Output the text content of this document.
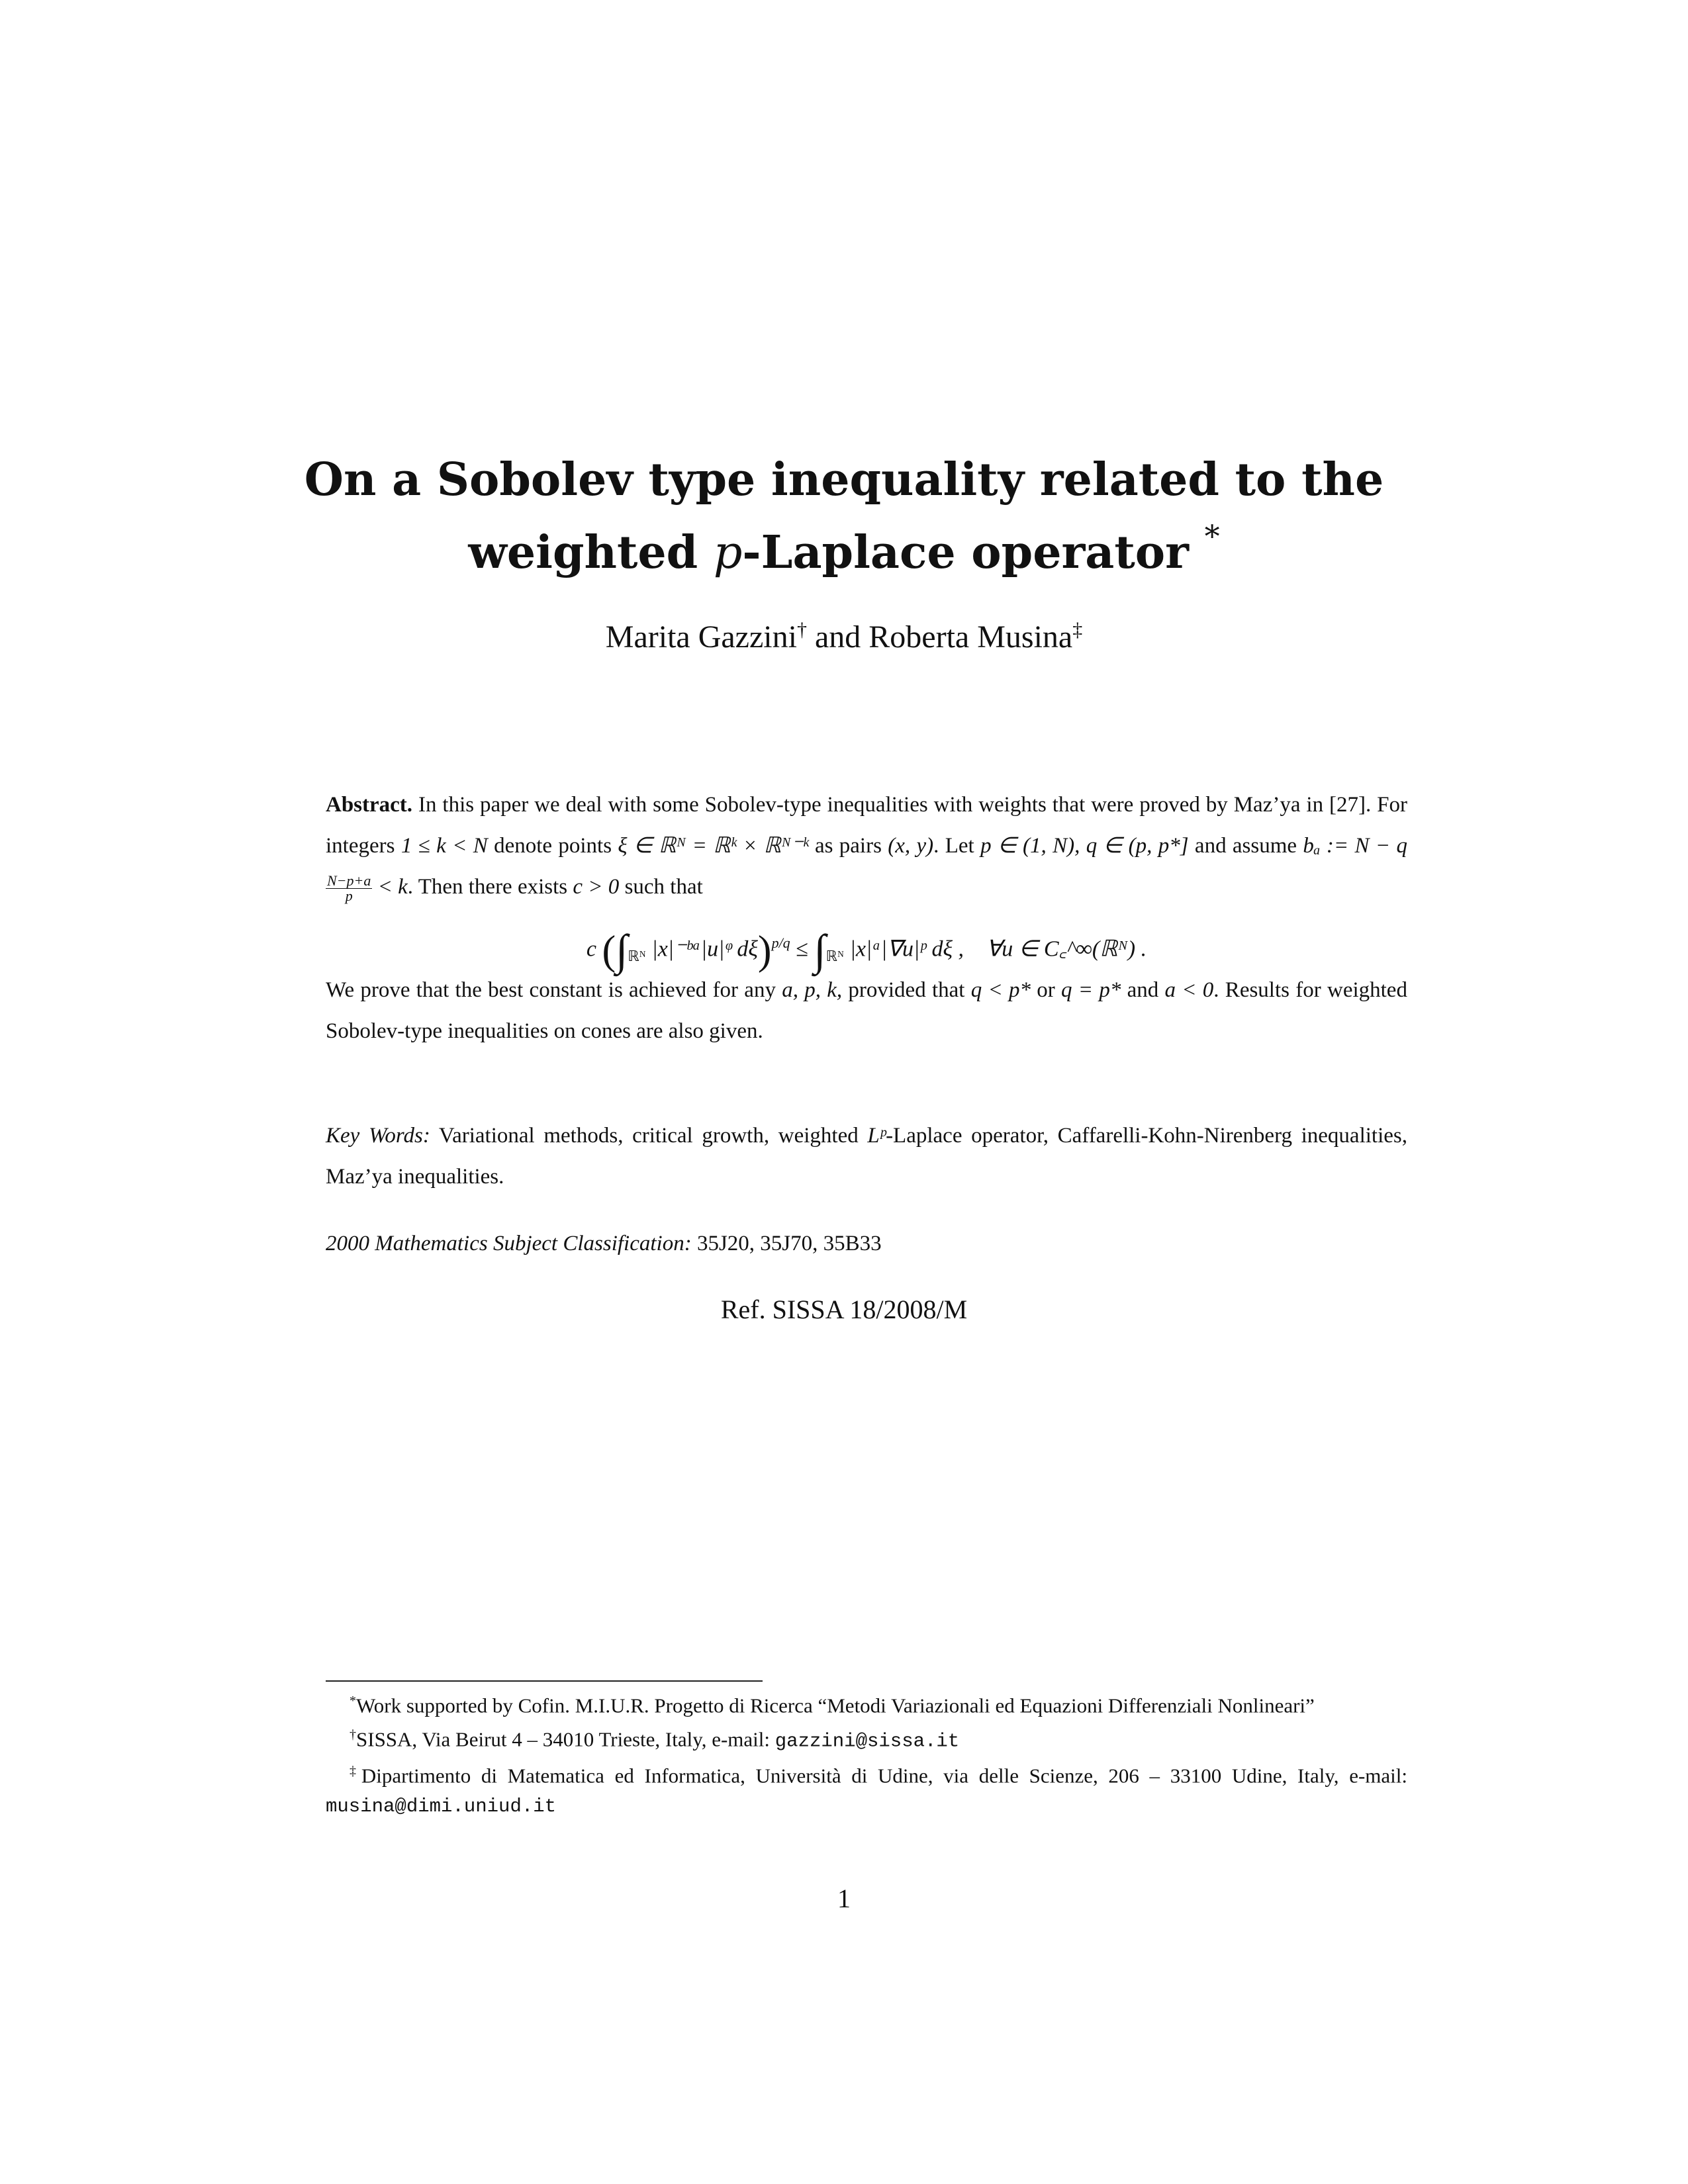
On a Sobolev type inequality related to the
weighted p-Laplace operator *
Marita Gazzini† and Roberta Musina‡
Abstract. In this paper we deal with some Sobolev-type inequalities with weights that were proved by Maz’ya in [27]. For integers 1 ≤ k < N denote points ξ ∈ ℝᴺ = ℝᵏ × ℝᴺ⁻ᵏ as pairs (x, y). Let p ∈ (1, N), q ∈ (p, p*] and assume bₐ := N − q
$\frac{N-p+a}{p} < k$. Then there exists c > 0 such that
c ($\int_{ℝᴺ}$ |x|⁻ᵇᵃ|u|ᵠ $d\xi)^{p/q} \le \int_{ℝᴺ}$ |x|ᵃ|∇u|ᵖ dξ , ∀u ∈ C꜀^∞(ℝᴺ) .
We prove that the best constant is achieved for any a, p, k, provided that q < p* or q = p* and a < 0. Results for weighted Sobolev-type inequalities on cones are also given.
Key Words: Variational methods, critical growth, weighted Lᵖ-Laplace operator, Caffarelli-Kohn-Nirenberg inequalities, Maz’ya inequalities.
2000 Mathematics Subject Classification: 35J20, 35J70, 35B33
Ref. SISSA 18/2008/M

*Work supported by Cofin. M.I.U.R. Progetto di Ricerca “Metodi Variazionali ed Equazioni Differenziali Nonlineari”

†SISSA, Via Beirut 4 – 34010 Trieste, Italy, e-mail: gazzini@sissa.it

‡Dipartimento di Matematica ed Informatica, Università di Udine, via delle Scienze, 206 – 33100 Udine, Italy, e-mail: musina@dimi.uniud.it

1
